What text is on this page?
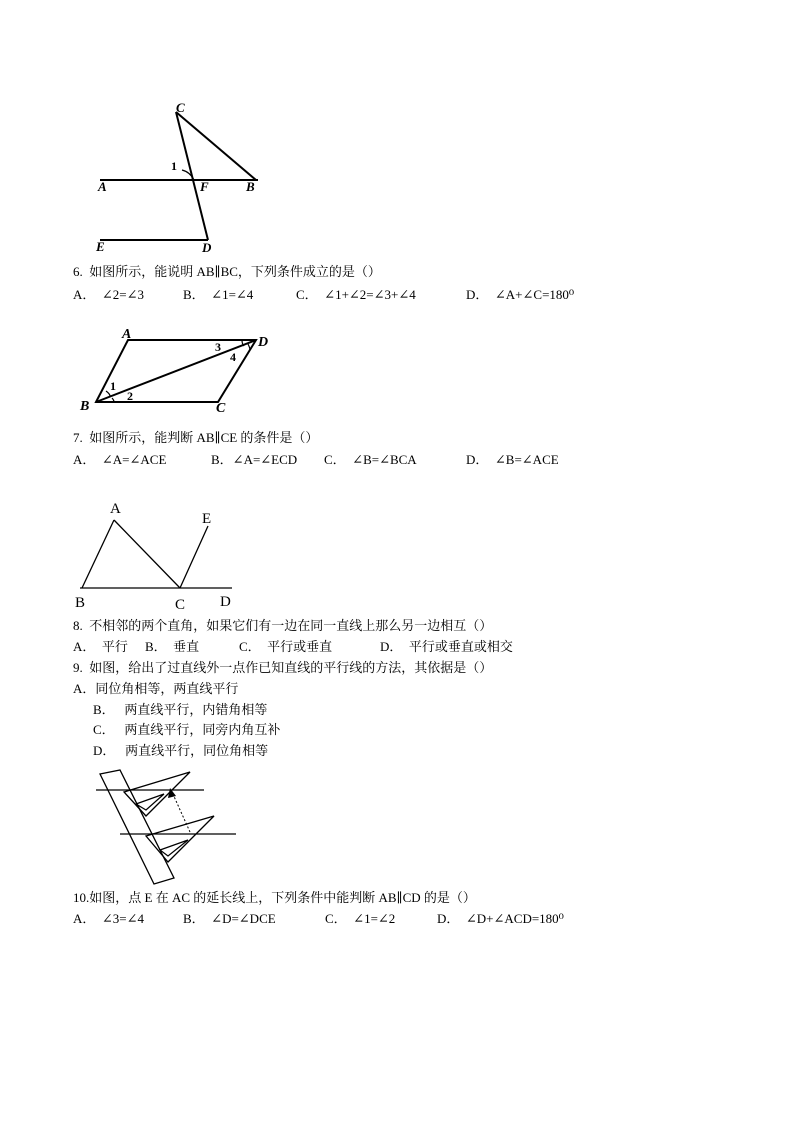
C
1
A	F	B
E	D
6.  如图所示，能说明 AB∥BC，下列条件成立的是（）
A．  ∠2=∠3	B．  ∠1=∠4	C．  ∠1+∠2=∠3+∠4	D．  ∠A+∠C=180⁰
A
D
B	C
1
2
3
4
7.  如图所示，能判断 AB∥CE 的条件是（）
A．  ∠A=∠ACE	B．∠A=∠ECD C．  ∠B=∠BCA	D．  ∠B=∠ACE
A
E
B	C D
8.  不相邻的两个直角，如果它们有一边在同一直线上那么另一边相互（）
A．  平行 B．  垂直	C．  平行或垂直	D．  平行或垂直或相交
9.  如图，给出了过直线外一点作已知直线的平行线的方法，其依据是（）
A．同位角相等，两直线平行
B．   两直线平行，内错角相等
C．   两直线平行，同旁内角互补
D．   两直线平行，同位角相等
10.如图，点 E 在 AC 的延长线上，下列条件中能判断 AB∥CD 的是（）
A．  ∠3=∠4	B．  ∠D=∠DCE	C．  ∠1=∠2	D．  ∠D+∠ACD=180⁰
